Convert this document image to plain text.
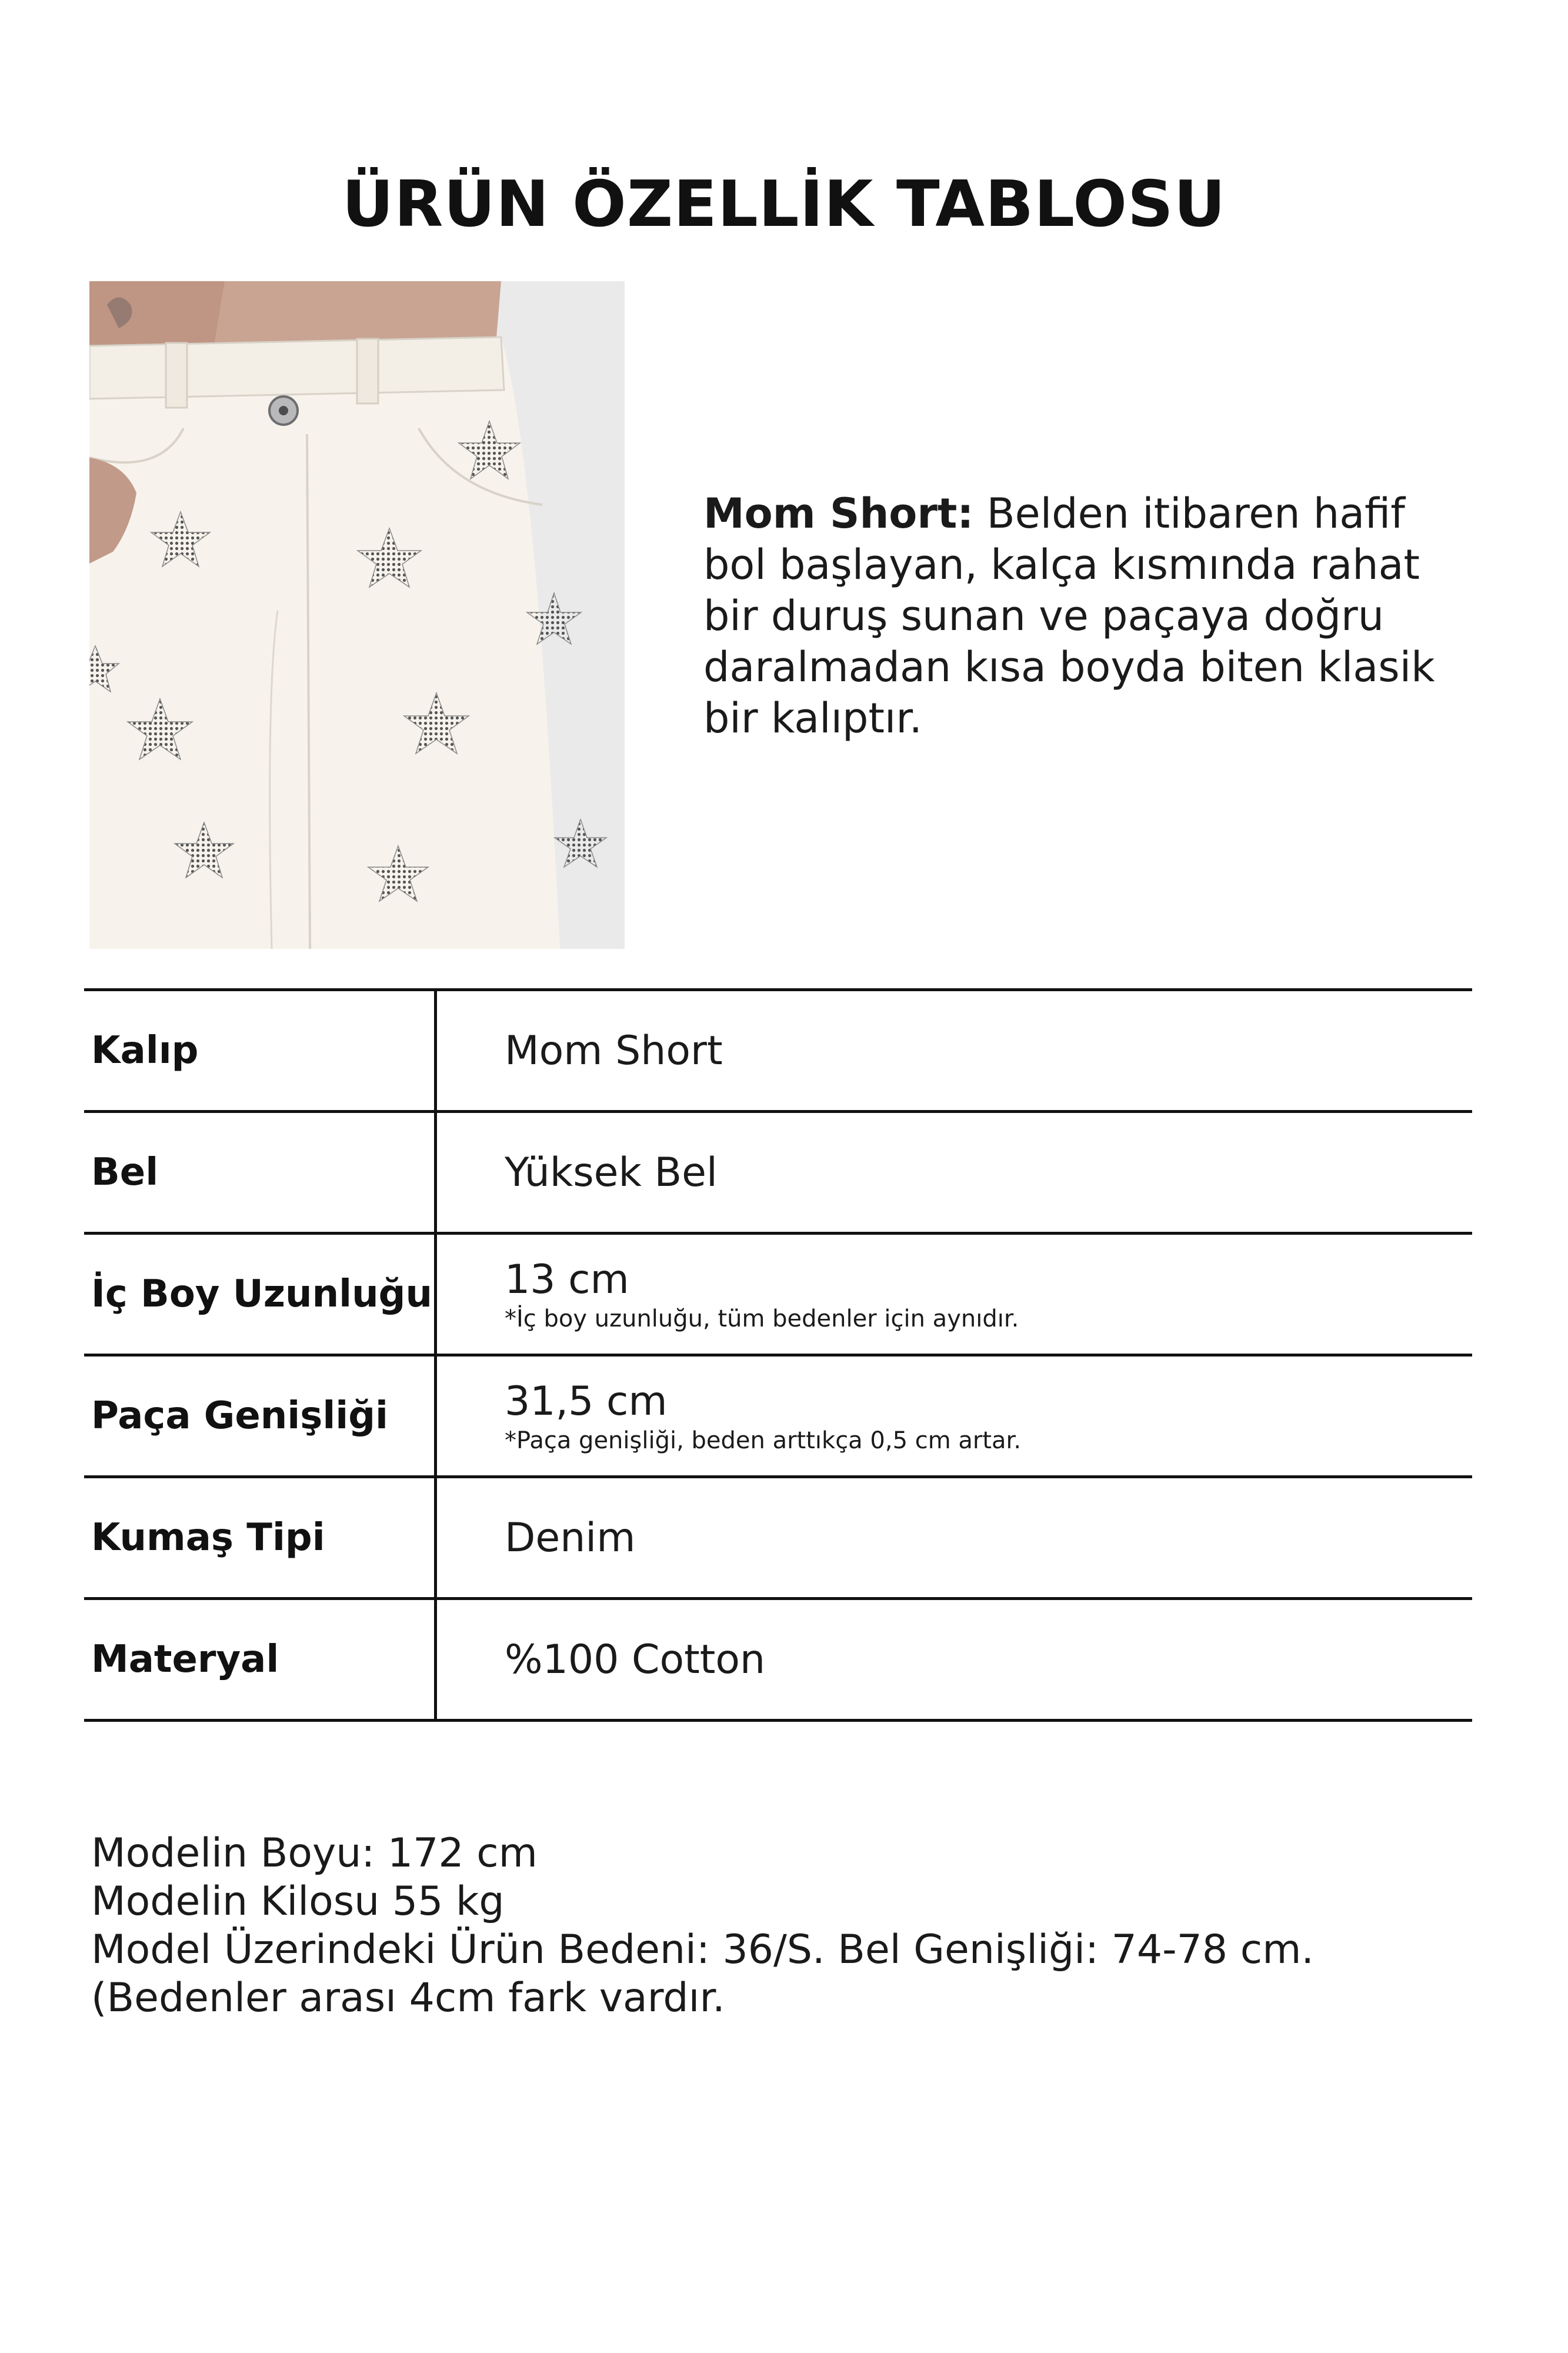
ÜRÜN ÖZELLİK TABLOSU
Mom Short: Belden itibaren hafif bol başlayan, kalça kısmında rahat bir duruş sunan ve paçaya doğru daralmadan kısa boyda biten klasik bir kalıptır.
Kalıp	Mom Short
Bel	Yüksek Bel
İç Boy Uzunluğu 13 cm
*İç boy uzunluğu, tüm bedenler için aynıdır.
Paça Genişliği	31,5 cm
*Paça genişliği, beden arttıkça 0,5 cm artar.
Kumaş Tipi	Denim
Materyal	%100 Cotton
Modelin Boyu: 172 cm
Modelin Kilosu 55 kg
Model Üzerindeki Ürün Bedeni: 36/S. Bel Genişliği: 74-78 cm. (Bedenler arası 4cm fark vardır.
